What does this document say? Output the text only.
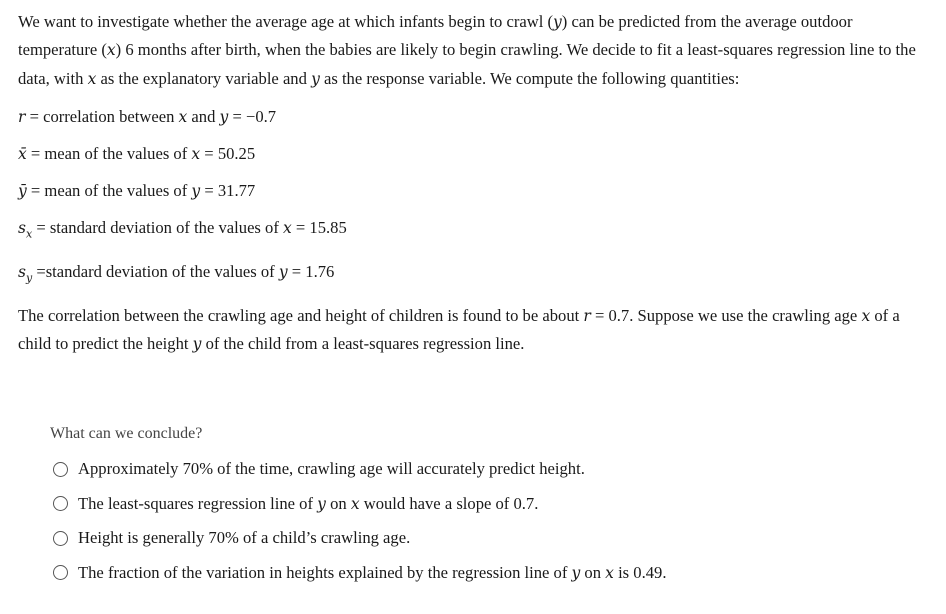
We want to investigate whether the average age at which infants begin to crawl (y) can be predicted from the average outdoor temperature (x) 6 months after birth, when the babies are likely to begin crawling. We decide to fit a least-squares regression line to the data, with x as the explanatory variable and y as the response variable. We compute the following quantities:

r = correlation between x and y = −0.7

x̄ = mean of the values of x = 50.25

ȳ = mean of the values of y = 31.77

$s_x$ = standard deviation of the values of x = 15.85

$s_y$ =standard deviation of the values of y = 1.76

The correlation between the crawling age and height of children is found to be about r = 0.7. Suppose we use the crawling age x of a child to predict the height y of the child from a least-squares regression line.

What can we conclude?
Approximately 70% of the time, crawling age will accurately predict height.
The least-squares regression line of y on x would have a slope of 0.7.
Height is generally 70% of a child’s crawling age.
The fraction of the variation in heights explained by the regression line of y on x is 0.49.
